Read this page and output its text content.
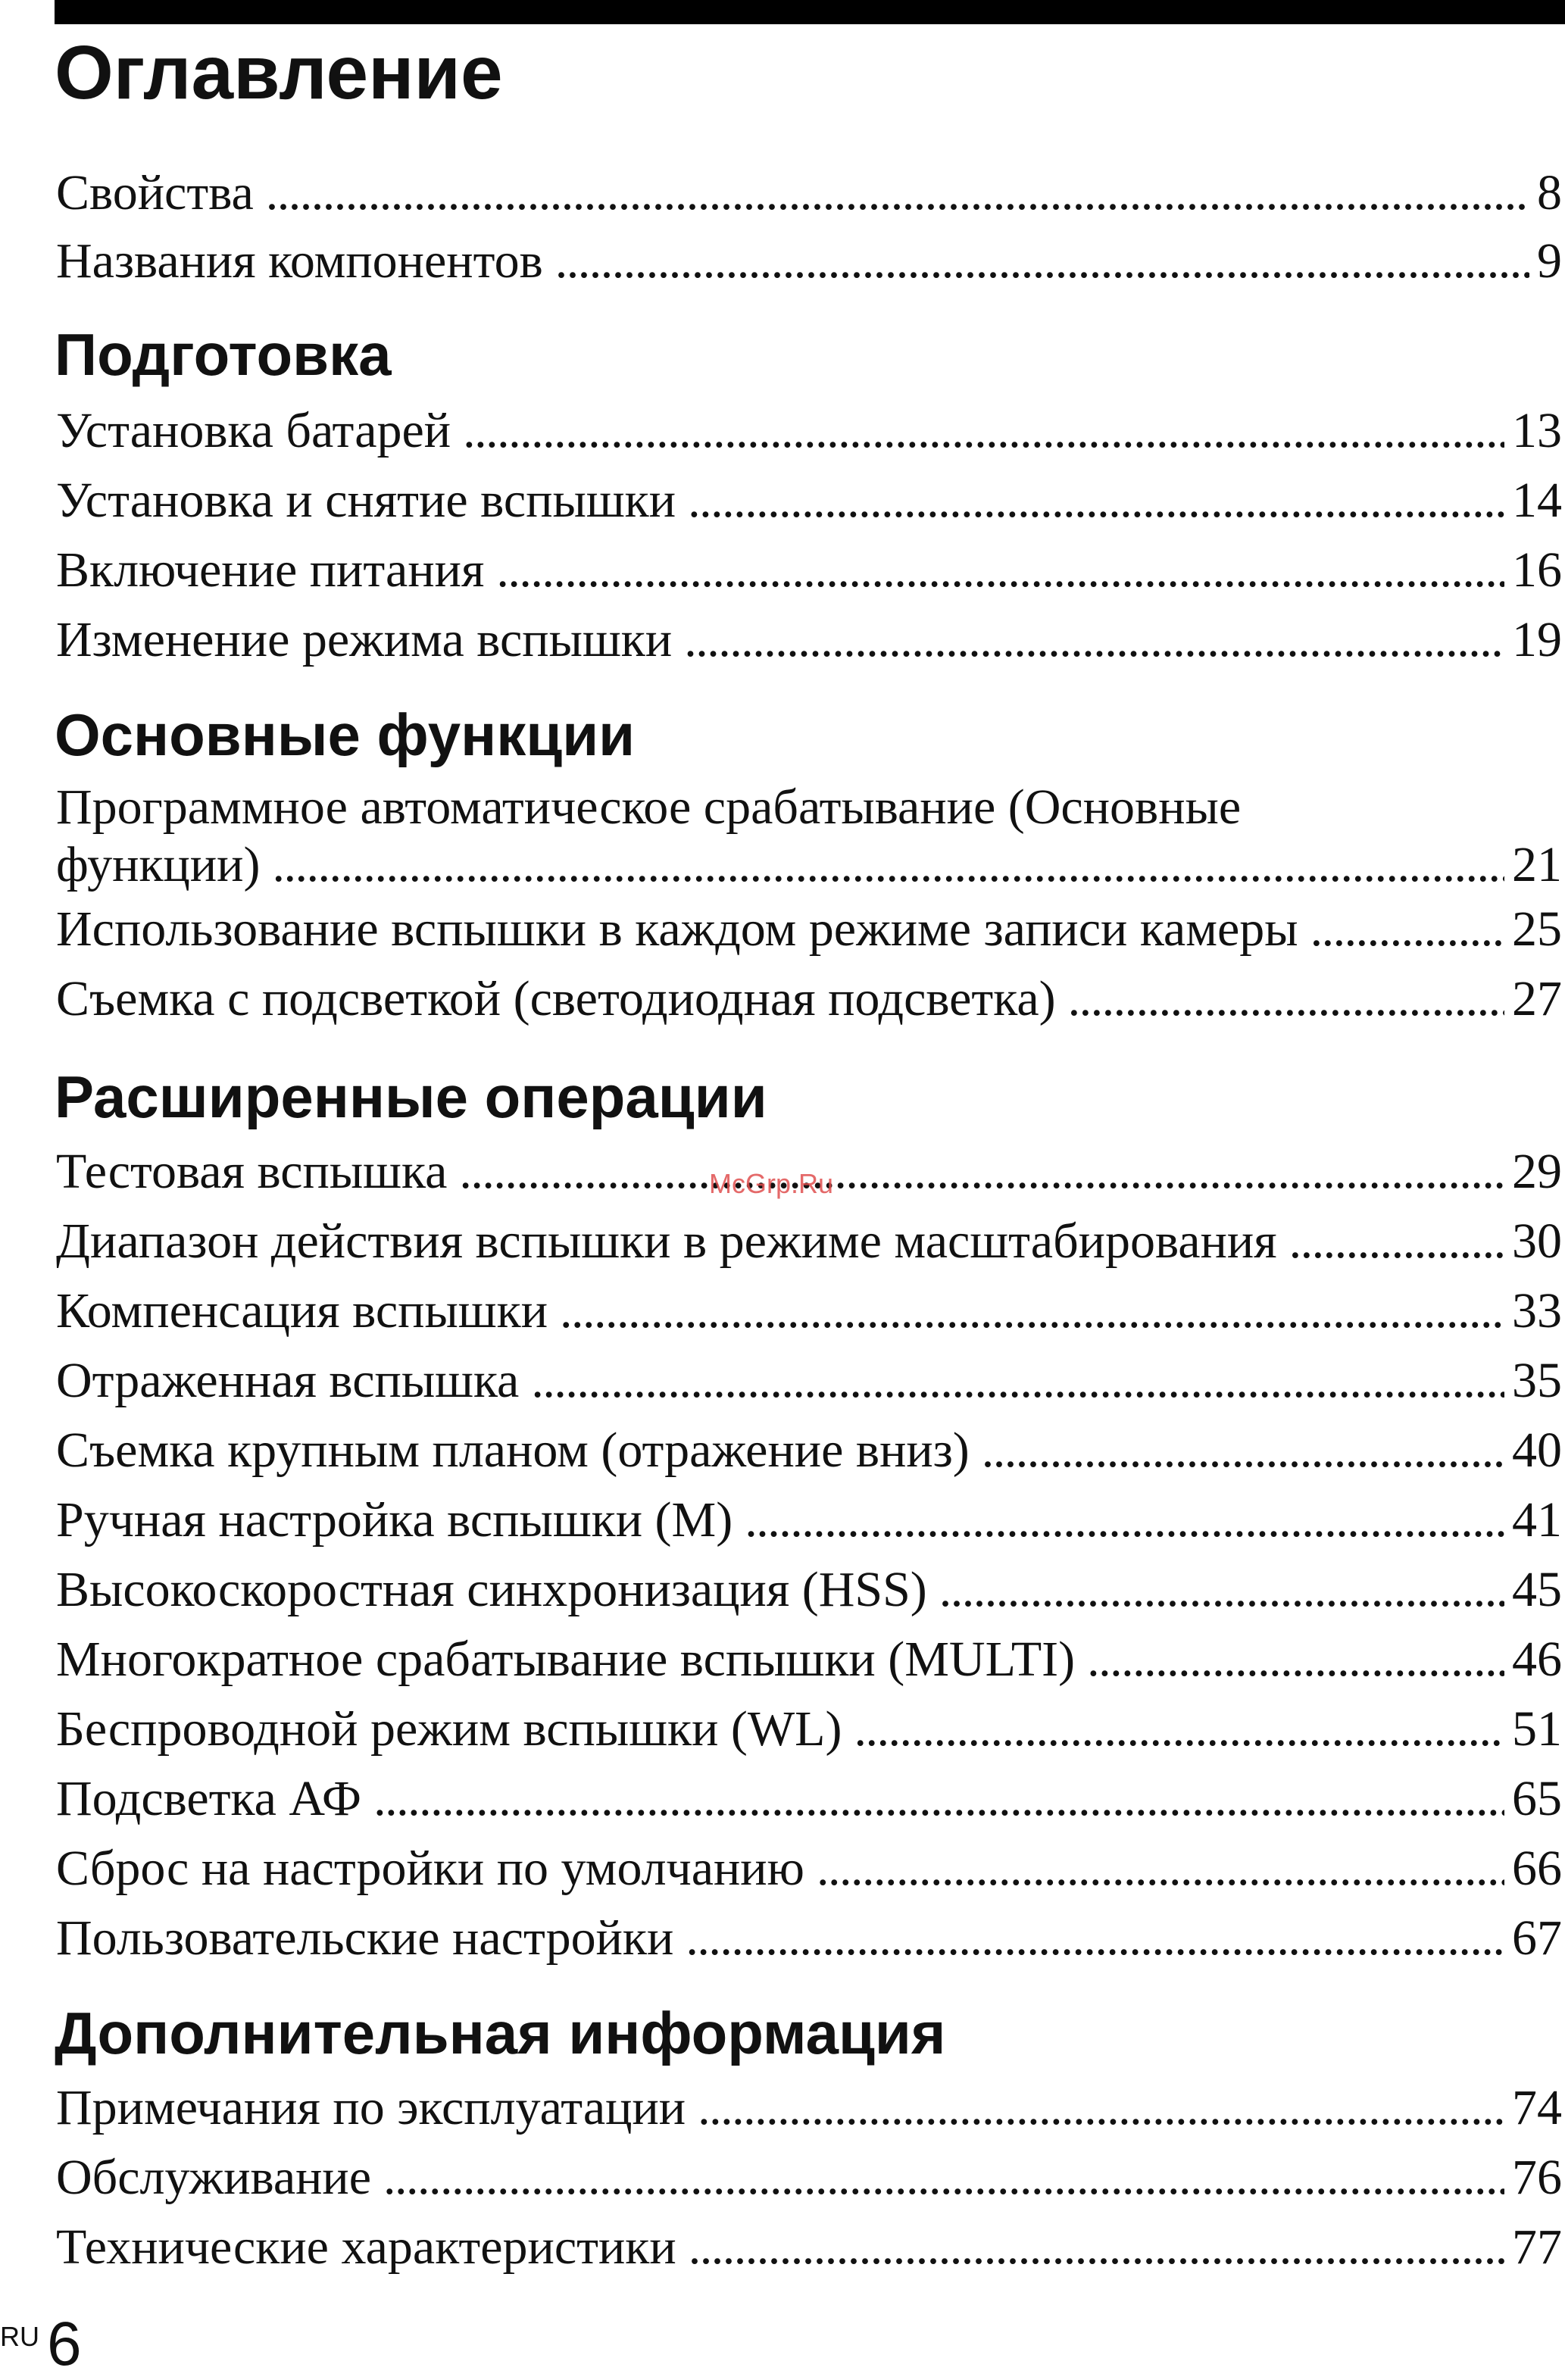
Оглавление
Свойства . . .	8
Названия компонентов . . .	9
Подготовка
Установка батарей . . .	13
Установка и снятие вспышки . . .	14
Включение питания . . .	16
Изменение режима вспышки . . .	19
Основные функции
Программное автоматическое срабатывание (Основные
функции) . . .	21
Использование вспышки в каждом режиме записи камеры . . .	25
Съемка с подсветкой (светодиодная подсветка) . . .	27
Расширенные операции
Тестовая вспышка . . .	29
Диапазон действия вспышки в режиме масштабирования . . .	30
Компенсация вспышки . . .	33
Отраженная вспышка . . .	35
Съемка крупным планом (отражение вниз) . . .	40
Ручная настройка вспышки (M) . . .	41
Высокоскоростная синхронизация (HSS) . . .	45
Многократное срабатывание вспышки (MULTI) . . .	46
Беспроводной режим вспышки (WL) . . .	51
Подсветка АФ . . .	65
Сброс на настройки по умолчанию . . .	66
Пользовательские настройки . . .	67
Дополнительная информация
Примечания по эксплуатации . . .	74
Обслуживание . . .	76
Технические характеристики . . .	77
McGrp.Ru
RU 6
